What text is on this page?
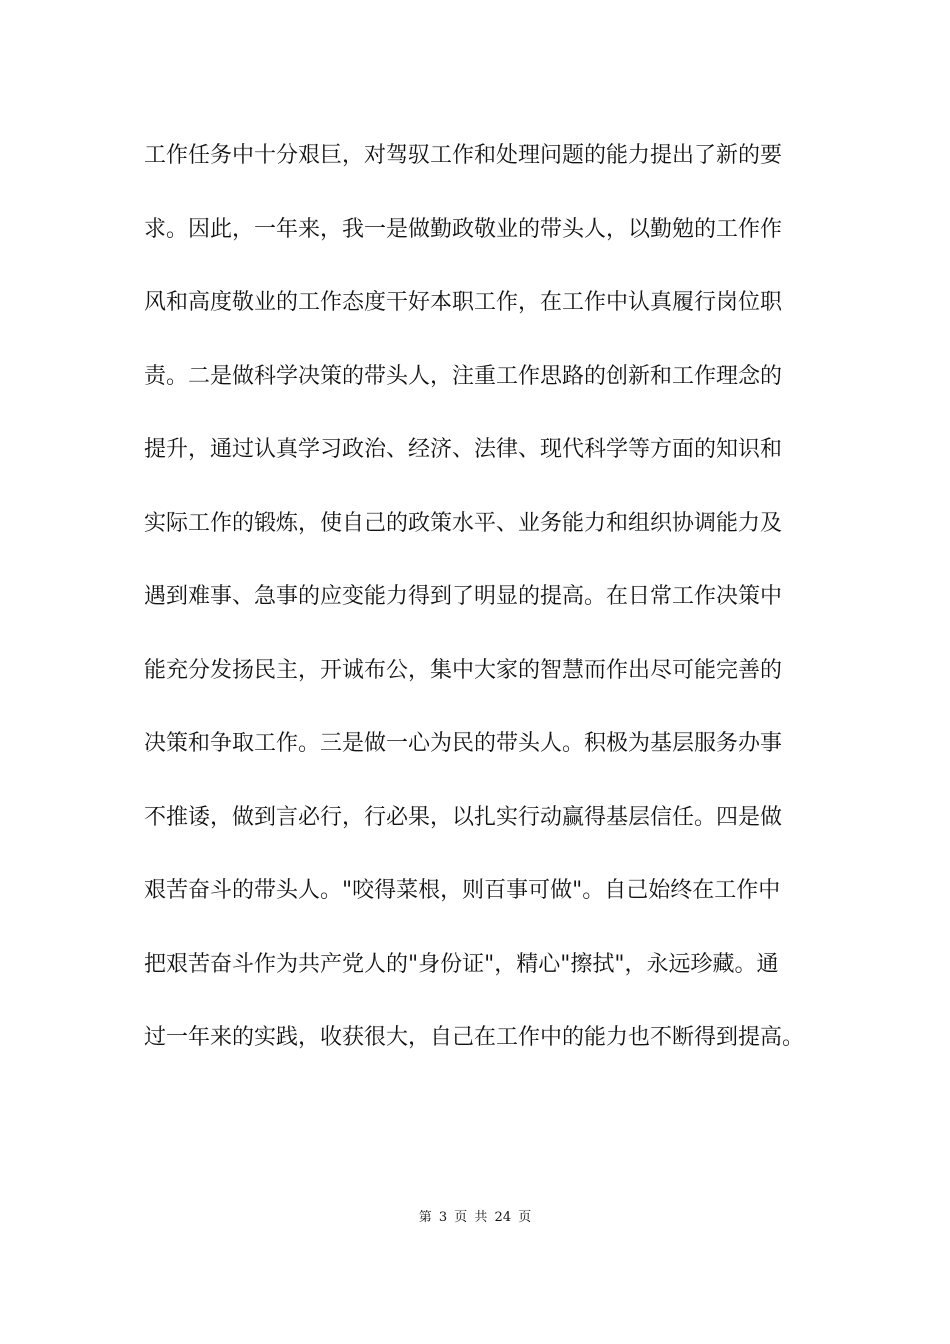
工作任务中十分艰巨，对驾驭工作和处理问题的能力提出了新的要
求。因此，一年来，我一是做勤政敬业的带头人，以勤勉的工作作
风和高度敬业的工作态度干好本职工作，在工作中认真履行岗位职
责。二是做科学决策的带头人，注重工作思路的创新和工作理念的
提升，通过认真学习政治、经济、法律、现代科学等方面的知识和
实际工作的锻炼，使自己的政策水平、业务能力和组织协调能力及
遇到难事、急事的应变能力得到了明显的提高。在日常工作决策中
能充分发扬民主，开诚布公，集中大家的智慧而作出尽可能完善的
决策和争取工作。三是做一心为民的带头人。积极为基层服务办事
不推诿，做到言必行，行必果，以扎实行动赢得基层信任。四是做
艰苦奋斗的带头人。"咬得菜根，则百事可做"。自己始终在工作中
把艰苦奋斗作为共产党人的"身份证"，精心"擦拭"，永远珍藏。通
过一年来的实践，收获很大，自己在工作中的能力也不断得到提高。
第 3 页 共 24 页
